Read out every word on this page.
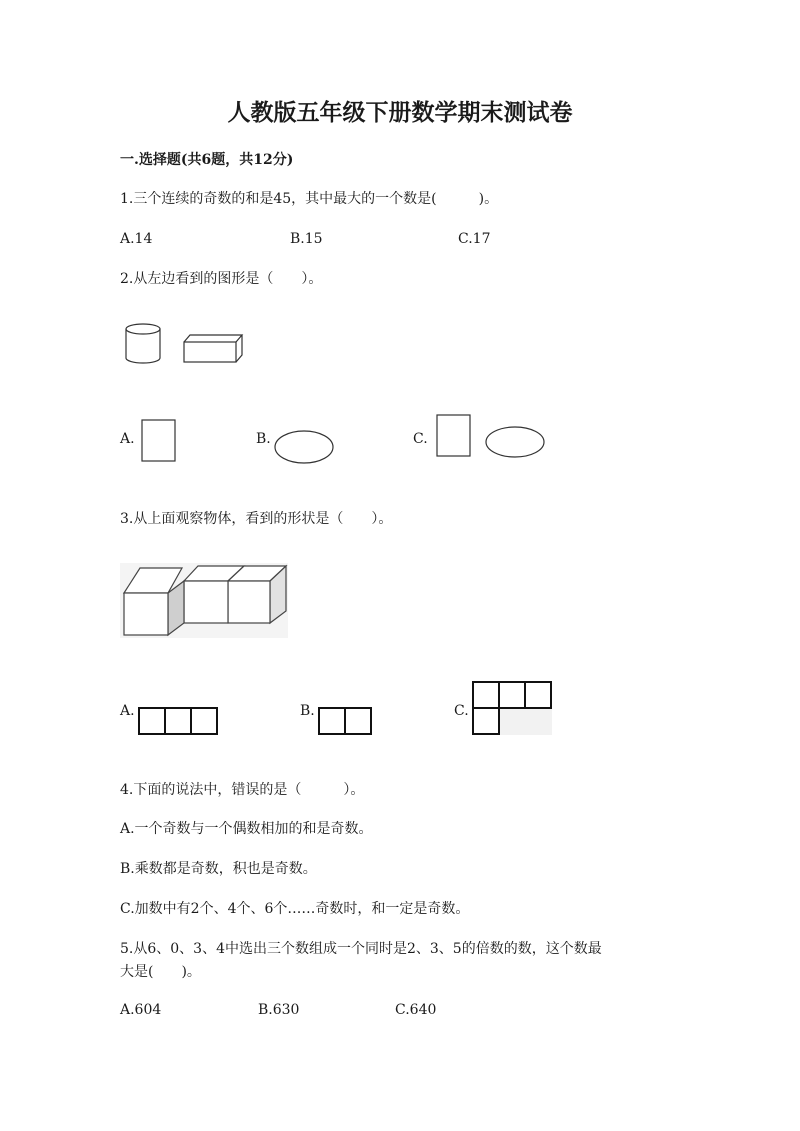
人教版五年级下册数学期末测试卷
一.选择题(共6题，共12分)
1.三个连续的奇数的和是45，其中最大的一个数是(　　　)。
A.14	B.15	C.17
2.从左边看到的图形是（　　）。
A.	B.	C.
3.从上面观察物体，看到的形状是（　　）。
A.	B.	C.
4.下面的说法中，错误的是（　　　）。
A.一个奇数与一个偶数相加的和是奇数。
B.乘数都是奇数，积也是奇数。
C.加数中有2个、4个、6个……奇数时，和一定是奇数。
5.从6、0、3、4中选出三个数组成一个同时是2、3、5的倍数的数，这个数最
大是(　　)。
A.604	B.630	C.640
